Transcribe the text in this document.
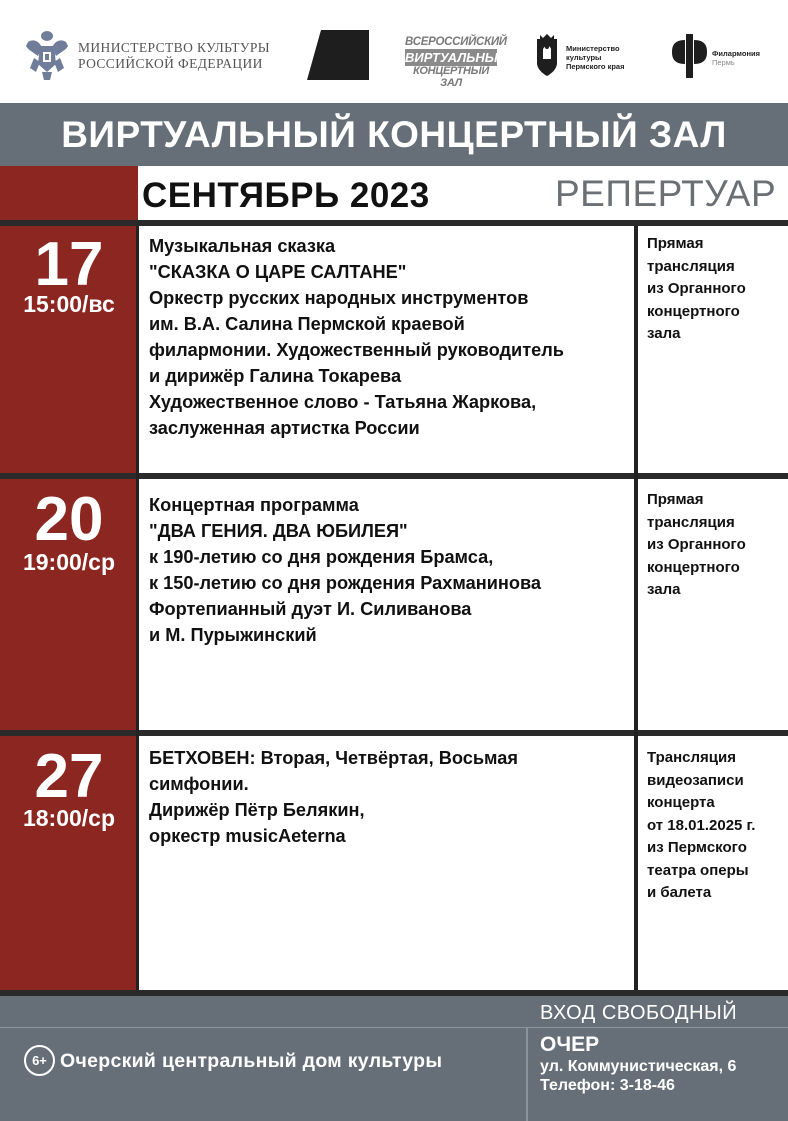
МИНИСТЕРСТВО КУЛЬТУРЫ
РОССИЙСКОЙ ФЕДЕРАЦИИ
ВСЕРОССИЙСКИЙ
ВИРТУАЛЬНЫЙ
КОНЦЕРТНЫЙ ЗАЛ
Министерство
культуры
Пермского края
Филармония
Пермь
ВИРТУАЛЬНЫЙ КОНЦЕРТНЫЙ ЗАЛ
СЕНТЯБРЬ 2023	РЕПЕРТУАР
17
15:00/вс
Музыкальная сказка
"СКАЗКА О ЦАРЕ САЛТАНЕ"
Оркестр русских народных инструментов
им. В.А. Салина Пермской краевой
филармонии. Художественный руководитель
и дирижёр Галина Токарева
Художественное слово - Татьяна Жаркова,
заслуженная артистка России
Прямая
трансляция
из Органного
концертного
зала
20
19:00/ср
Концертная программа
"ДВА ГЕНИЯ. ДВА ЮБИЛЕЯ"
к 190-летию со дня рождения Брамса,
к 150-летию со дня рождения Рахманинова
Фортепианный дуэт И. Силиванова
и М. Пурыжинский
Прямая
трансляция
из Органного
концертного
зала
27
18:00/ср
БЕТХОВЕН: Вторая, Четвёртая, Восьмая
симфонии.
Дирижёр Пётр Белякин,
оркестр musicAeterna
Трансляция
видеозаписи
концерта
от 18.01.2025 г.
из Пермского
театра оперы
и балета
ВХОД СВОБОДНЫЙ
6+ Очерский центральный дом культуры
ОЧЕР
ул. Коммунистическая, 6
Телефон: 3-18-46
